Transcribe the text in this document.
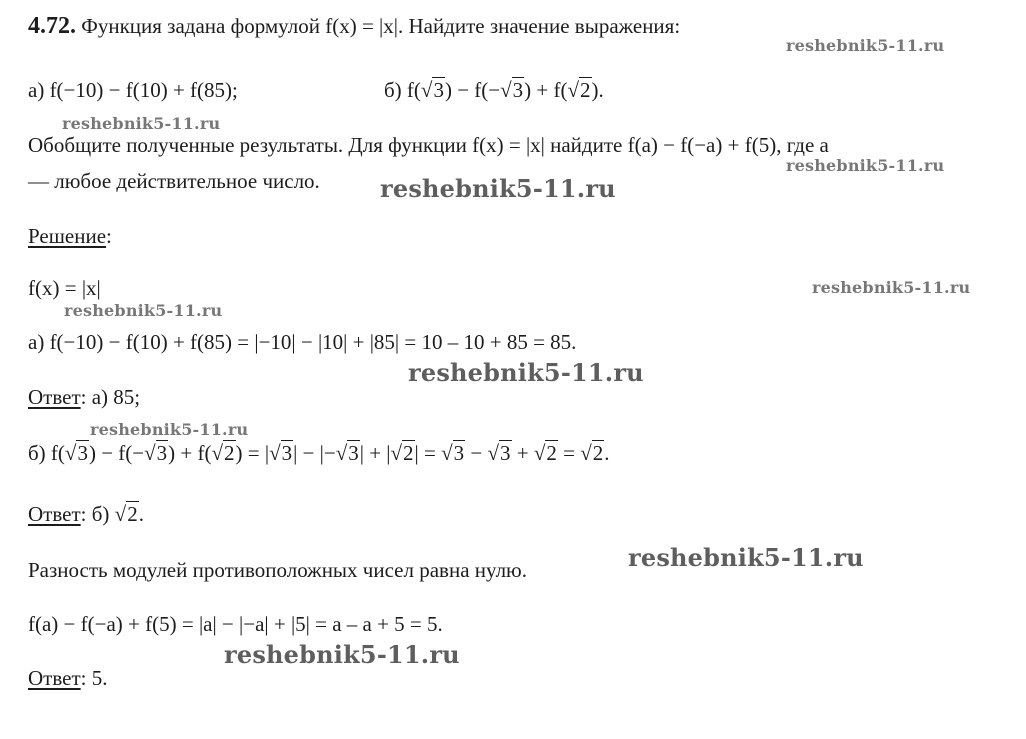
4.72. Функция задана формулой f(x) = |x|. Найдите значение выражения:
а) f(−10) − f(10) + f(85);	б) f(√3) − f(−√3) + f(√2).
Обобщите полученные результаты. Для функции f(x) = |x| найдите f(a) − f(−a) + f(5), где a
— любое действительное число.
Решение:
f(x) = |x|
а) f(−10) − f(10) + f(85) = |−10| − |10| + |85| = 10 – 10 + 85 = 85.
Ответ: а) 85;
б) f(√3) − f(−√3) + f(√2) = |√3| − |−√3| + |√2| = √3 − √3 + √2 = √2.
Ответ: б) √2.
Разность модулей противоположных чисел равна нулю.
f(a) − f(−a) + f(5) = |a| − |−a| + |5| = a – a + 5 = 5.
Ответ: 5.
reshebnik5-11.ru
reshebnik5-11.ru
reshebnik5-11.ru
reshebnik5-11.ru
reshebnik5-11.ru
reshebnik5-11.ru
reshebnik5-11.ru
reshebnik5-11.ru
reshebnik5-11.ru
reshebnik5-11.ru
